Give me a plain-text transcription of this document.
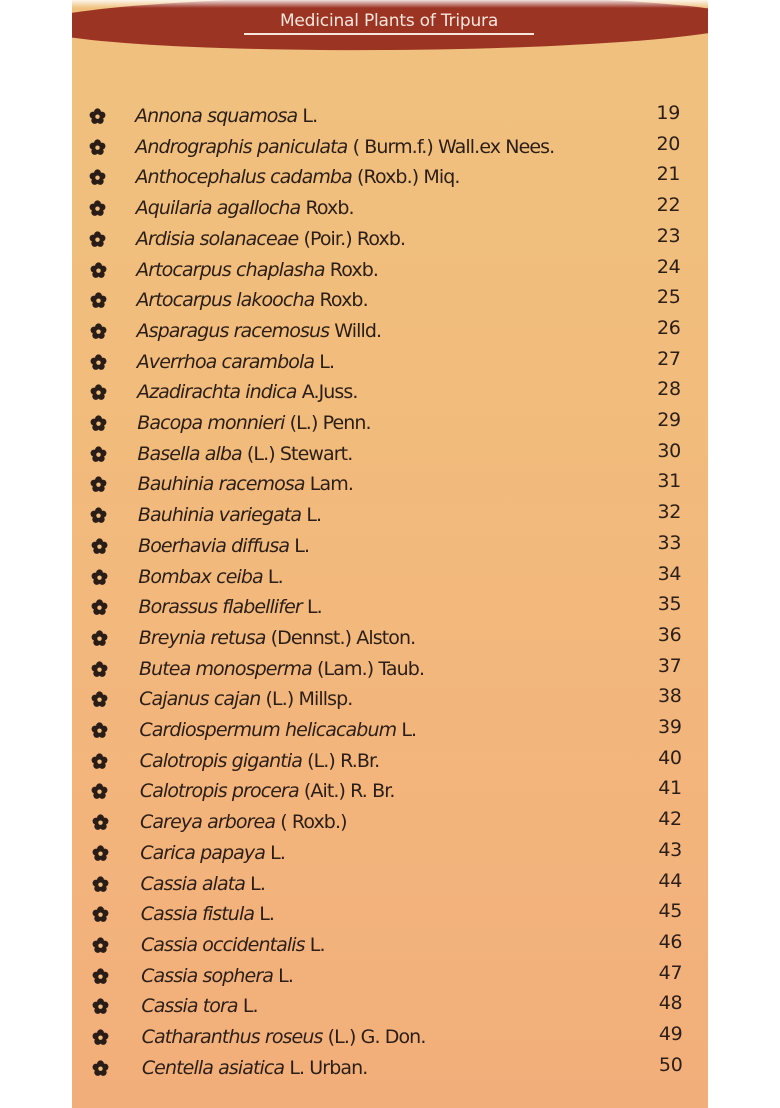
Medicinal Plants of Tripura
Annona squamosa L.	19
Andrographis paniculata ( Burm.f.) Wall.ex Nees.	20
Anthocephalus cadamba (Roxb.) Miq.	21
Aquilaria agallocha Roxb.	22
Ardisia solanaceae (Poir.) Roxb.	23
Artocarpus chaplasha Roxb.	24
Artocarpus lakoocha Roxb.	25
Asparagus racemosus Willd.	26
Averrhoa carambola L.	27
Azadirachta indica A.Juss.	28
Bacopa monnieri (L.) Penn.	29
Basella alba (L.) Stewart.	30
Bauhinia racemosa Lam.	31
Bauhinia variegata L.	32
Boerhavia diffusa L.	33
Bombax ceiba L.	34
Borassus flabellifer L.	35
Breynia retusa (Dennst.) Alston.	36
Butea monosperma (Lam.) Taub.	37
Cajanus cajan (L.) Millsp.	38
Cardiospermum helicacabum L.	39
Calotropis gigantia (L.) R.Br.	40
Calotropis procera (Ait.) R. Br.	41
Careya arborea ( Roxb.)	42
Carica papaya L.	43
Cassia alata L.	44
Cassia fistula L.	45
Cassia occidentalis L.	46
Cassia sophera L.	47
Cassia tora L.	48
Catharanthus roseus (L.) G. Don.	49
Centella asiatica L. Urban.	50
